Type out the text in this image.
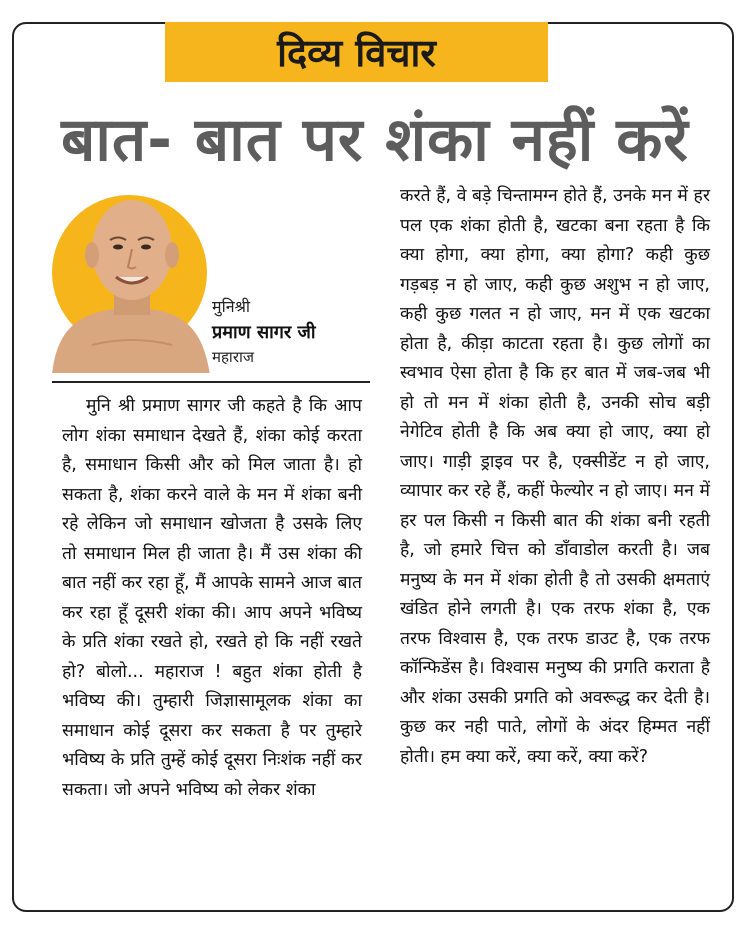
दिव्य विचार
बात- बात पर शंका नहीं करें
मुनिश्री
प्रमाण सागर जी
महाराज
मुनि श्री प्रमाण सागर जी कहते है कि आप लोग शंका समाधान देखते हैं, शंका कोई करता है, समाधान किसी और को मिल जाता है। हो सकता है, शंका करने वाले के मन में शंका बनी रहे लेकिन जो समाधान खोजता है उसके लिए तो समाधान मिल ही जाता है। मैं उस शंका की बात नहीं कर रहा हूँ, मैं आपके सामने आज बात कर रहा हूँ दूसरी शंका की। आप अपने भविष्य के प्रति शंका रखते हो, रखते हो कि नहीं रखते हो? बोलो... महाराज ! बहुत शंका होती है भविष्य की। तुम्हारी जिज्ञासामूलक शंका का समाधान कोई दूसरा कर सकता है पर तुम्हारे भविष्य के प्रति तुम्हें कोई दूसरा निःशंक नहीं कर सकता। जो अपने भविष्य को लेकर शंका
करते हैं, वे बड़े चिन्तामग्न होते हैं, उनके मन में हर पल एक शंका होती है, खटका बना रहता है कि क्या होगा, क्या होगा, क्या होगा? कही कुछ गड़बड़ न हो जाए, कही कुछ अशुभ न हो जाए, कही कुछ गलत न हो जाए, मन में एक खटका होता है, कीड़ा काटता रहता है। कुछ लोगों का स्वभाव ऐसा होता है कि हर बात में जब-जब भी हो तो मन में शंका होती है, उनकी सोच बड़ी नेगेटिव होती है कि अब क्या हो जाए, क्या हो जाए। गाड़ी ड्राइव पर है, एक्सीडेंट न हो जाए, व्यापार कर रहे हैं, कहीं फेल्योर न हो जाए। मन में हर पल किसी न किसी बात की शंका बनी रहती है, जो हमारे चित्त को डाँवाडोल करती है। जब मनुष्य के मन में शंका होती है तो उसकी क्षमताएं खंडित होने लगती है। एक तरफ शंका है, एक तरफ विश्वास है, एक तरफ डाउट है, एक तरफ कॉन्फिडेंस है। विश्वास मनुष्य की प्रगति कराता है और शंका उसकी प्रगति को अवरूद्ध कर देती है। कुछ कर नही पाते, लोगों के अंदर हिम्मत नहीं होती। हम क्या करें, क्या करें, क्या करें?
